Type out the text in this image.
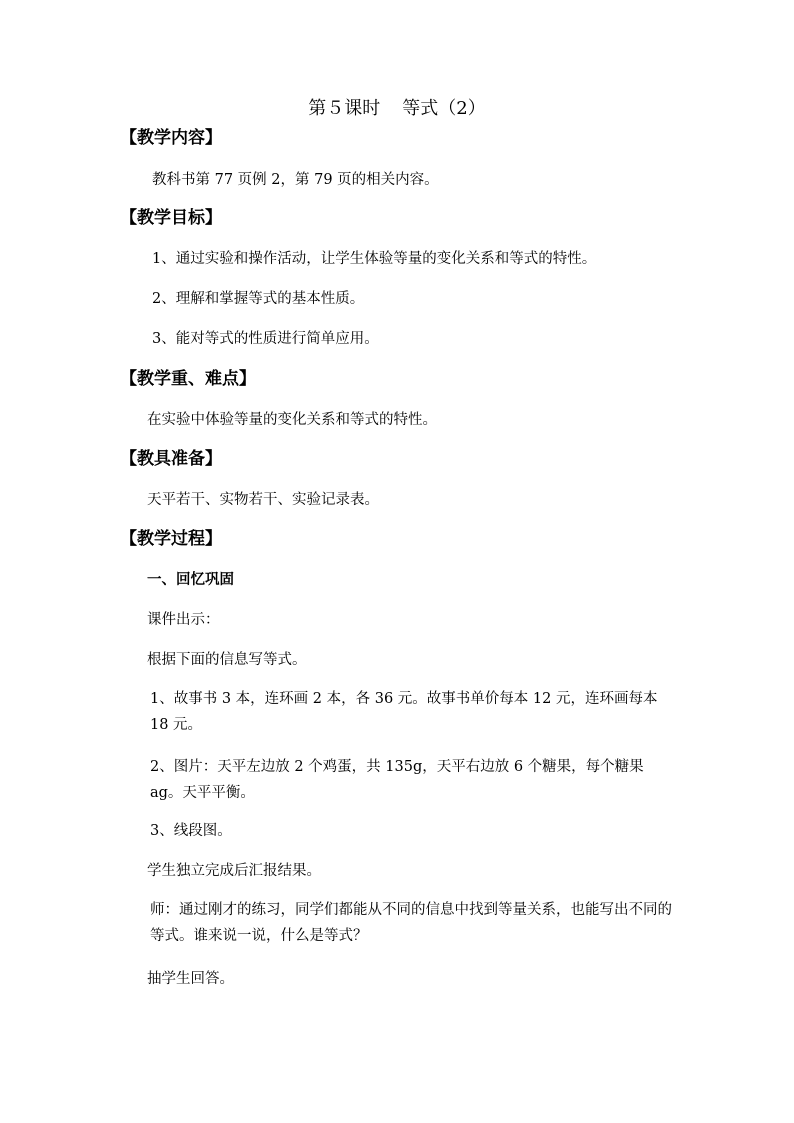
第５课时 等式（2）
【教学内容】
教科书第 77 页例 2，第 79 页的相关内容。
【教学目标】
1、通过实验和操作活动，让学生体验等量的变化关系和等式的特性。
2、理解和掌握等式的基本性质。
3、能对等式的性质进行简单应用。
【教学重、难点】
在实验中体验等量的变化关系和等式的特性。
【教具准备】
天平若干、实物若干、实验记录表。
【教学过程】
一、回忆巩固
课件出示：
根据下面的信息写等式。
1、故事书 3 本，连环画 2 本，各 36 元。故事书单价每本 12 元，连环画每本 18 元。
2、图片：天平左边放 2 个鸡蛋，共 135g，天平右边放 6 个糖果，每个糖果 ag。天平平衡。
3、线段图。
学生独立完成后汇报结果。
师：通过刚才的练习，同学们都能从不同的信息中找到等量关系，也能写出不同的等式。谁来说一说，什么是等式？
抽学生回答。
